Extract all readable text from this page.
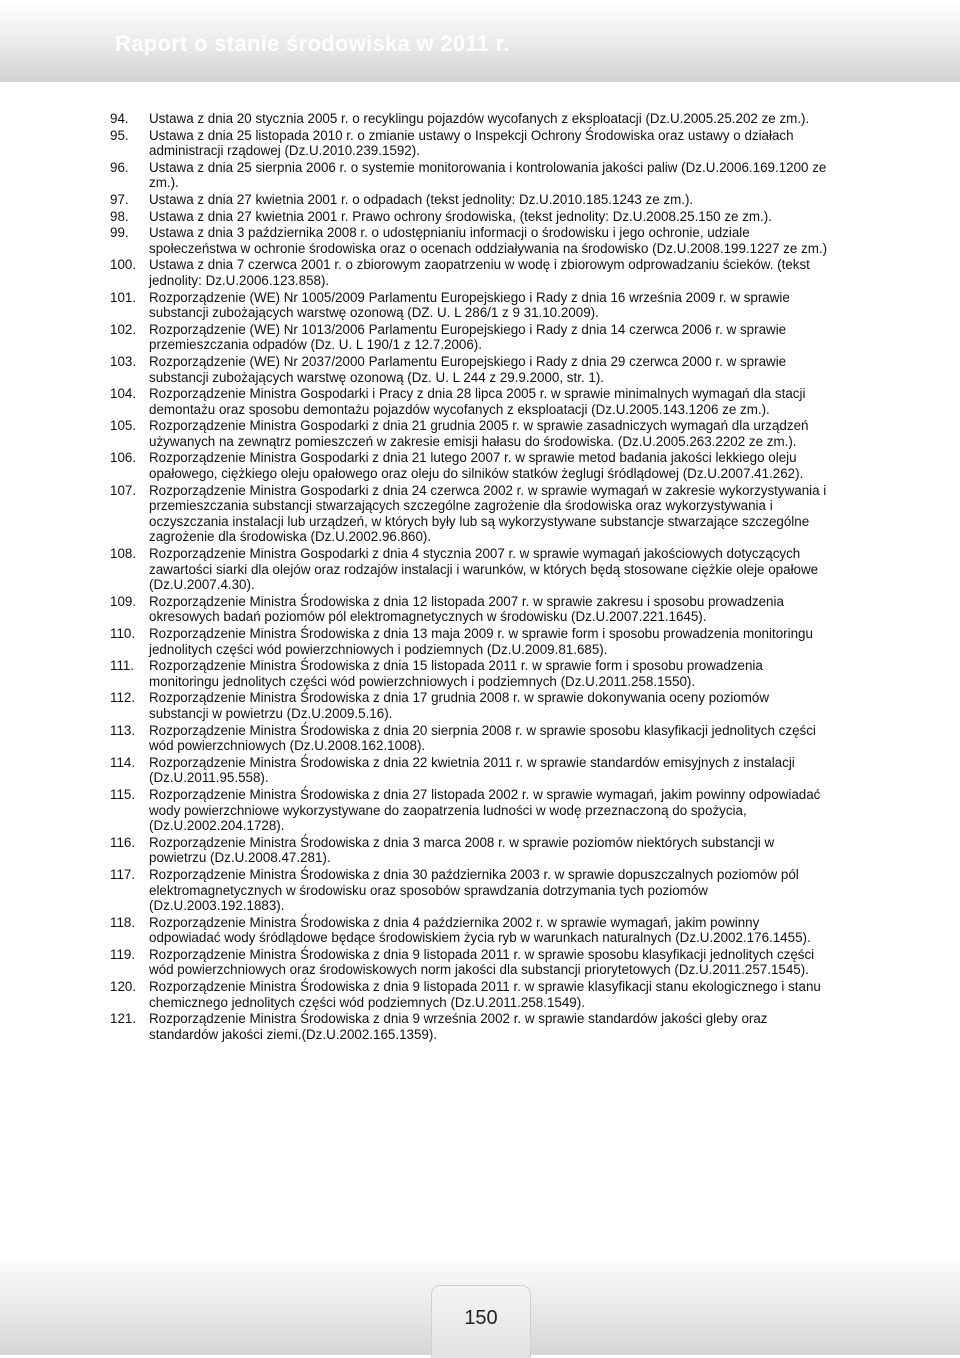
Raport o stanie środowiska w 2011 r.
94.	Ustawa z dnia 20 stycznia 2005 r. o recyklingu pojazdów wycofanych z eksploatacji (Dz.U.2005.25.202 ze zm.).
95.	Ustawa z dnia 25 listopada 2010 r. o zmianie ustawy o Inspekcji Ochrony Środowiska oraz ustawy o działach administracji rządowej (Dz.U.2010.239.1592).
96.	Ustawa z dnia 25 sierpnia 2006 r. o systemie monitorowania i kontrolowania jakości paliw (Dz.U.2006.169.1200 ze zm.).
97.	Ustawa z dnia 27 kwietnia 2001 r. o odpadach (tekst jednolity: Dz.U.2010.185.1243 ze zm.).
98.	Ustawa z dnia 27 kwietnia 2001 r. Prawo ochrony środowiska, (tekst jednolity: Dz.U.2008.25.150 ze zm.).
99.	Ustawa z dnia 3 października 2008 r. o udostępnianiu informacji o środowisku i jego ochronie, udziale społeczeństwa w ochronie środowiska oraz o ocenach oddziaływania na środowisko (Dz.U.2008.199.1227 ze zm.)
100. Ustawa z dnia 7 czerwca 2001 r. o zbiorowym zaopatrzeniu w wodę i zbiorowym odprowadzaniu ścieków. (tekst jednolity: Dz.U.2006.123.858).
101. Rozporządzenie (WE) Nr 1005/2009 Parlamentu Europejskiego i Rady z dnia 16 września 2009 r. w sprawie substancji zubożających warstwę ozonową (DZ. U. L 286/1 z 9 31.10.2009).
102. Rozporządzenie (WE) Nr 1013/2006 Parlamentu Europejskiego i Rady z dnia 14 czerwca 2006 r. w sprawie przemieszczania odpadów (Dz. U. L 190/1 z 12.7.2006).
103. Rozporządzenie (WE) Nr 2037/2000 Parlamentu Europejskiego i Rady z dnia 29 czerwca 2000 r. w sprawie substancji zubożających warstwę ozonową (Dz. U. L 244 z 29.9.2000, str. 1).
104. Rozporządzenie Ministra Gospodarki i Pracy z dnia 28 lipca 2005 r. w sprawie minimalnych wymagań dla stacji demontażu oraz sposobu demontażu pojazdów wycofanych z eksploatacji (Dz.U.2005.143.1206 ze zm.).
105. Rozporządzenie Ministra Gospodarki z dnia 21 grudnia 2005 r. w sprawie zasadniczych wymagań dla urządzeń używanych na zewnątrz pomieszczeń w zakresie emisji hałasu do środowiska. (Dz.U.2005.263.2202 ze zm.).
106. Rozporządzenie Ministra Gospodarki z dnia 21 lutego 2007 r. w sprawie metod badania jakości lekkiego oleju opałowego, ciężkiego oleju opałowego oraz oleju do silników statków żeglugi śródlądowej (Dz.U.2007.41.262).
107. Rozporządzenie Ministra Gospodarki z dnia 24 czerwca 2002 r. w sprawie wymagań w zakresie wykorzystywania i przemieszczania substancji stwarzających szczególne zagrożenie dla środowiska oraz wykorzystywania i oczyszczania instalacji lub urządzeń, w których były lub są wykorzystywane substancje stwarzające szczególne zagrożenie dla środowiska (Dz.U.2002.96.860).
108. Rozporządzenie Ministra Gospodarki z dnia 4 stycznia 2007 r. w sprawie wymagań jakościowych dotyczących zawartości siarki dla olejów oraz rodzajów instalacji i warunków, w których będą stosowane ciężkie oleje opałowe (Dz.U.2007.4.30).
109. Rozporządzenie Ministra Środowiska z dnia 12 listopada 2007 r. w sprawie zakresu i sposobu prowadzenia okresowych badań poziomów pól elektromagnetycznych w środowisku (Dz.U.2007.221.1645).
110.	Rozporządzenie Ministra Środowiska z dnia 13 maja 2009 r. w sprawie form i sposobu prowadzenia monitoringu jednolitych części wód powierzchniowych i podziemnych (Dz.U.2009.81.685).
111.	Rozporządzenie Ministra Środowiska z dnia 15 listopada 2011 r. w sprawie form i sposobu prowadzenia monitoringu jednolitych części wód powierzchniowych i podziemnych (Dz.U.2011.258.1550).
112.	Rozporządzenie Ministra Środowiska z dnia 17 grudnia 2008 r. w sprawie dokonywania oceny poziomów substancji w powietrzu (Dz.U.2009.5.16).
113.	Rozporządzenie Ministra Środowiska z dnia 20 sierpnia 2008 r. w sprawie sposobu klasyfikacji jednolitych części wód powierzchniowych (Dz.U.2008.162.1008).
114.	Rozporządzenie Ministra Środowiska z dnia 22 kwietnia 2011 r. w sprawie standardów emisyjnych z instalacji (Dz.U.2011.95.558).
115.	Rozporządzenie Ministra Środowiska z dnia 27 listopada 2002 r. w sprawie wymagań, jakim powinny odpowiadać wody powierzchniowe wykorzystywane do zaopatrzenia ludności w wodę przeznaczoną do spożycia, (Dz.U.2002.204.1728).
116.	Rozporządzenie Ministra Środowiska z dnia 3 marca 2008 r. w sprawie poziomów niektórych substancji w powietrzu (Dz.U.2008.47.281).
117.	Rozporządzenie Ministra Środowiska z dnia 30 października 2003 r. w sprawie dopuszczalnych poziomów pól elektromagnetycznych w środowisku oraz sposobów sprawdzania dotrzymania tych poziomów (Dz.U.2003.192.1883).
118.	Rozporządzenie Ministra Środowiska z dnia 4 października 2002 r. w sprawie wymagań, jakim powinny odpowiadać wody śródlądowe będące środowiskiem życia ryb w warunkach naturalnych (Dz.U.2002.176.1455).
119.	Rozporządzenie Ministra Środowiska z dnia 9 listopada 2011 r. w sprawie sposobu klasyfikacji jednolitych części wód powierzchniowych oraz środowiskowych norm jakości dla substancji priorytetowych (Dz.U.2011.257.1545).
120. Rozporządzenie Ministra Środowiska z dnia 9 listopada 2011 r. w sprawie klasyfikacji stanu ekologicznego i stanu chemicznego jednolitych części wód podziemnych (Dz.U.2011.258.1549).
121. Rozporządzenie Ministra Środowiska z dnia 9 września 2002 r. w sprawie standardów jakości gleby oraz standardów jakości ziemi.(Dz.U.2002.165.1359).
150
